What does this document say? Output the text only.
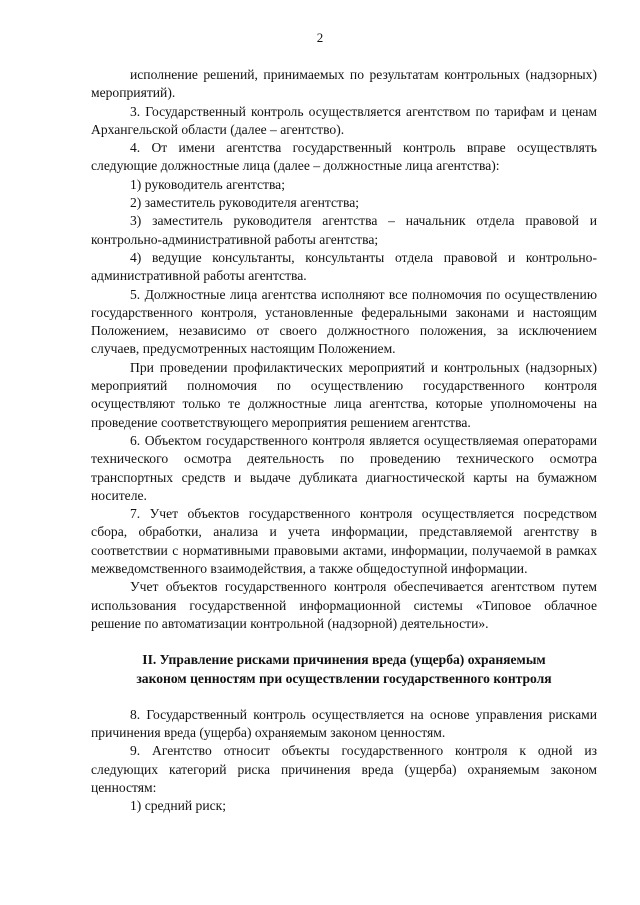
2

исполнение решений, принимаемых по результатам контрольных (надзорных) мероприятий).

3. Государственный контроль осуществляется агентством по тарифам и ценам Архангельской области (далее – агентство).

4. От имени агентства государственный контроль вправе осуществлять следующие должностные лица (далее – должностные лица агентства):

1) руководитель агентства;

2) заместитель руководителя агентства;

3) заместитель руководителя агентства – начальник отдела правовой и контрольно-административной работы агентства;

4) ведущие консультанты, консультанты отдела правовой и контрольно-административной работы агентства.

5. Должностные лица агентства исполняют все полномочия по осуществлению государственного контроля, установленные федеральными законами и настоящим Положением, независимо от своего должностного положения, за исключением случаев, предусмотренных настоящим Положением.

При проведении профилактических мероприятий и контрольных (надзорных) мероприятий полномочия по осуществлению государственного контроля осуществляют только те должностные лица агентства, которые уполномочены на проведение соответствующего мероприятия решением агентства.

6. Объектом государственного контроля является осуществляемая операторами технического осмотра деятельность по проведению технического осмотра транспортных средств и выдаче дубликата диагностической карты на бумажном носителе.

7. Учет объектов государственного контроля осуществляется посредством сбора, обработки, анализа и учета информации, представляемой агентству в соответствии с нормативными правовыми актами, информации, получаемой в рамках межведомственного взаимодействия, а также общедоступной информации.

Учет объектов государственного контроля обеспечивается агентством путем использования государственной информационной системы «Типовое облачное решение по автоматизации контрольной (надзорной) деятельности».

II. Управление рисками причинения вреда (ущерба) охраняемым законом ценностям при осуществлении государственного контроля

8. Государственный контроль осуществляется на основе управления рисками причинения вреда (ущерба) охраняемым законом ценностям.

9. Агентство относит объекты государственного контроля к одной из следующих категорий риска причинения вреда (ущерба) охраняемым законом ценностям:

1) средний риск;
